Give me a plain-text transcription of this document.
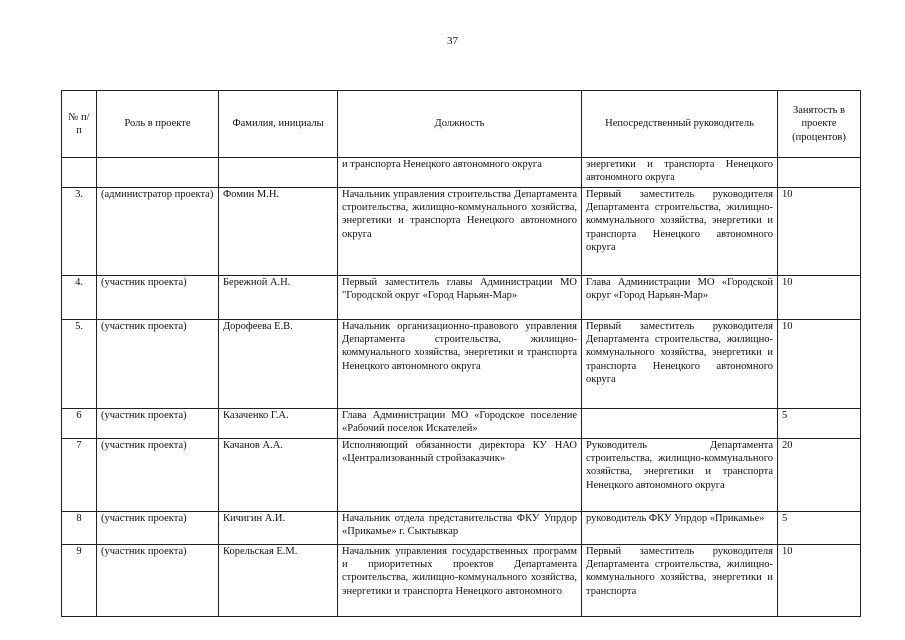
37
№ п/п	Роль в проекте	Фамилия, инициалы	Должность	Непосредственный руководитель	Занятость в проекте (процентов)
			и транспорта Ненецкого автономного округа	энергетики и транспорта Ненецкого автономного округа	
3.	(администратор проекта)	Фомин М.Н.	Начальник управления строительства Департамента строительства, жилищно-коммунального хозяйства, энергетики и транспорта Ненецкого автономного округа	Первый заместитель руководителя Департамента строительства, жилищно-коммунального хозяйства, энергетики и транспорта Ненецкого автономного округа	10
4.	(участник проекта)	Бережной А.Н.	Первый заместитель главы Администрации МО "Городской округ «Город Нарьян-Мар»	Глава Администрации МО «Городской округ «Город Нарьян-Мар»	10
5.	(участник проекта)	Дорофеева Е.В.	Начальник организационно-правового управления Департамента строительства, жилищно-коммунального хозяйства, энергетики и транспорта Ненецкого автономного округа	Первый заместитель руководителя Департамента строительства, жилищно-коммунального хозяйства, энергетики и транспорта Ненецкого автономного округа	10
6	(участник проекта)	Казаченко Г.А.	Глава Администрации МО «Городское поселение «Рабочий поселок Искателей»		5
7	(участник проекта)	Качанов А.А.	Исполняющий обязанности директора КУ НАО «Централизованный стройзаказчик»	Руководитель Департамента строительства, жилищно-коммунального хозяйства, энергетики и транспорта Ненецкого автономного округа	20
8	(участник проекта)	Кичигин А.И.	Начальник отдела представительства ФКУ Упрдор «Прикамье» г. Сыктывкар	руководитель ФКУ Упрдор «Прикамье»	5
9	(участник проекта)	Корельская Е.М.	Начальник управления государственных программ и приоритетных проектов Департамента строительства, жилищно-коммунального хозяйства, энергетики и транспорта Ненецкого автономного	Первый заместитель руководителя Департамента строительства, жилищно-коммунального хозяйства, энергетики и транспорта	10
